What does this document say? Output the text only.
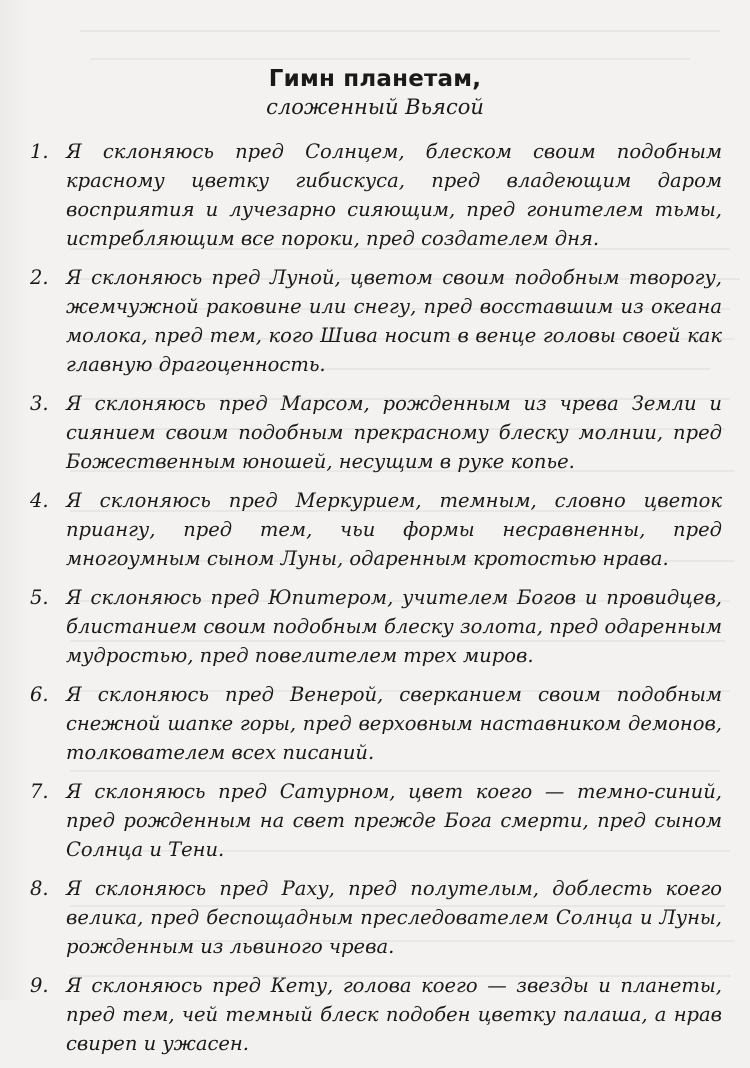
Гимн планетам,
сложенный Вьясой
1. Я склоняюсь пред Солнцем, блеском своим подобным красному цветку гибискуса, пред владеющим даром восприятия и лучезарно сияющим, пред гонителем тьмы, истребляющим все пороки, пред создателем дня.
2. Я склоняюсь пред Луной, цветом своим подобным творогу, жемчужной раковине или снегу, пред восставшим из океана молока, пред тем, кого Шива носит в венце головы своей как главную драгоценность.
3. Я склоняюсь пред Марсом, рожденным из чрева Земли и сиянием своим подобным прекрасному блеску молнии, пред Божественным юношей, несущим в руке копье.
4. Я склоняюсь пред Меркурием, темным, словно цветок приангу, пред тем, чьи формы несравненны, пред многоумным сыном Луны, одаренным кротостью нрава.
5. Я склоняюсь пред Юпитером, учителем Богов и провидцев, блистанием своим подобным блеску золота, пред одаренным мудростью, пред повелителем трех миров.
6. Я склоняюсь пред Венерой, сверканием своим подобным снежной шапке горы, пред верховным наставником демонов, толкователем всех писаний.
7. Я склоняюсь пред Сатурном, цвет коего — темно-синий, пред рожденным на свет прежде Бога смерти, пред сыном Солнца и Тени.
8. Я склоняюсь пред Раху, пред полутелым, доблесть коего велика, пред беспощадным преследователем Солнца и Луны, рожденным из львиного чрева.
9. Я склоняюсь пред Кету, голова коего — звезды и планеты, пред тем, чей темный блеск подобен цветку палаша, а нрав свиреп и ужасен.
